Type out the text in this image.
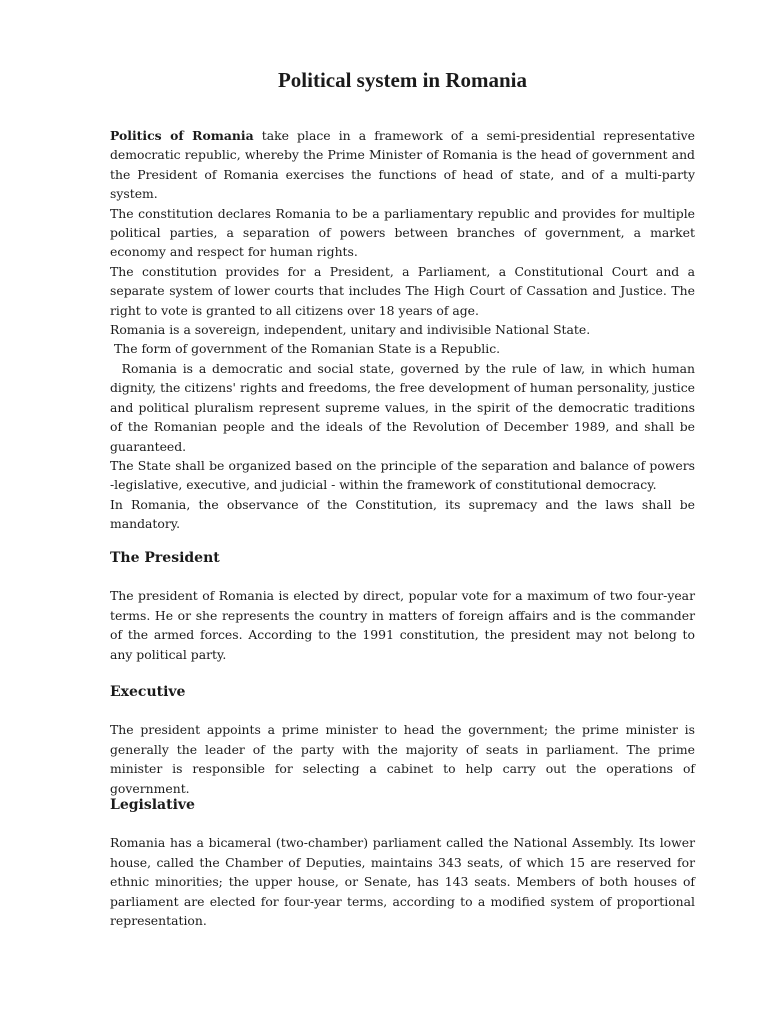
Political system in Romania

Politics of Romania take place in a framework of a semi-presidential representative democratic republic, whereby the Prime Minister of Romania is the head of government and the President of Romania exercises the functions of head of state, and of a multi-party system.

The constitution declares Romania to be a parliamentary republic and provides for multiple political parties, a separation of powers between branches of government, a market economy and respect for human rights.

The constitution provides for a President, a Parliament, a Constitutional Court and a separate system of lower courts that includes The High Court of Cassation and Justice. The right to vote is granted to all citizens over 18 years of age.

Romania is a sovereign, independent, unitary and indivisible National State.

The form of government of the Romanian State is a Republic.

Romania is a democratic and social state, governed by the rule of law, in which human dignity, the citizens' rights and freedoms, the free development of human personality, justice and political pluralism represent supreme values, in the spirit of the democratic traditions of the Romanian people and the ideals of the Revolution of December 1989, and shall be guaranteed.

The State shall be organized based on the principle of the separation and balance of powers -legislative, executive, and judicial - within the framework of constitutional democracy.

In Romania, the observance of the Constitution, its supremacy and the laws shall be mandatory.

The President

The president of Romania is elected by direct, popular vote for a maximum of two four-year terms. He or she represents the country in matters of foreign affairs and is the commander of the armed forces. According to the 1991 constitution, the president may not belong to any political party.

Executive

The president appoints a prime minister to head the government; the prime minister is generally the leader of the party with the majority of seats in parliament. The prime minister is responsible for selecting a cabinet to help carry out the operations of government.

Legislative

Romania has a bicameral (two-chamber) parliament called the National Assembly. Its lower house, called the Chamber of Deputies, maintains 343 seats, of which 15 are reserved for ethnic minorities; the upper house, or Senate, has 143 seats. Members of both houses of parliament are elected for four-year terms, according to a modified system of proportional representation.
